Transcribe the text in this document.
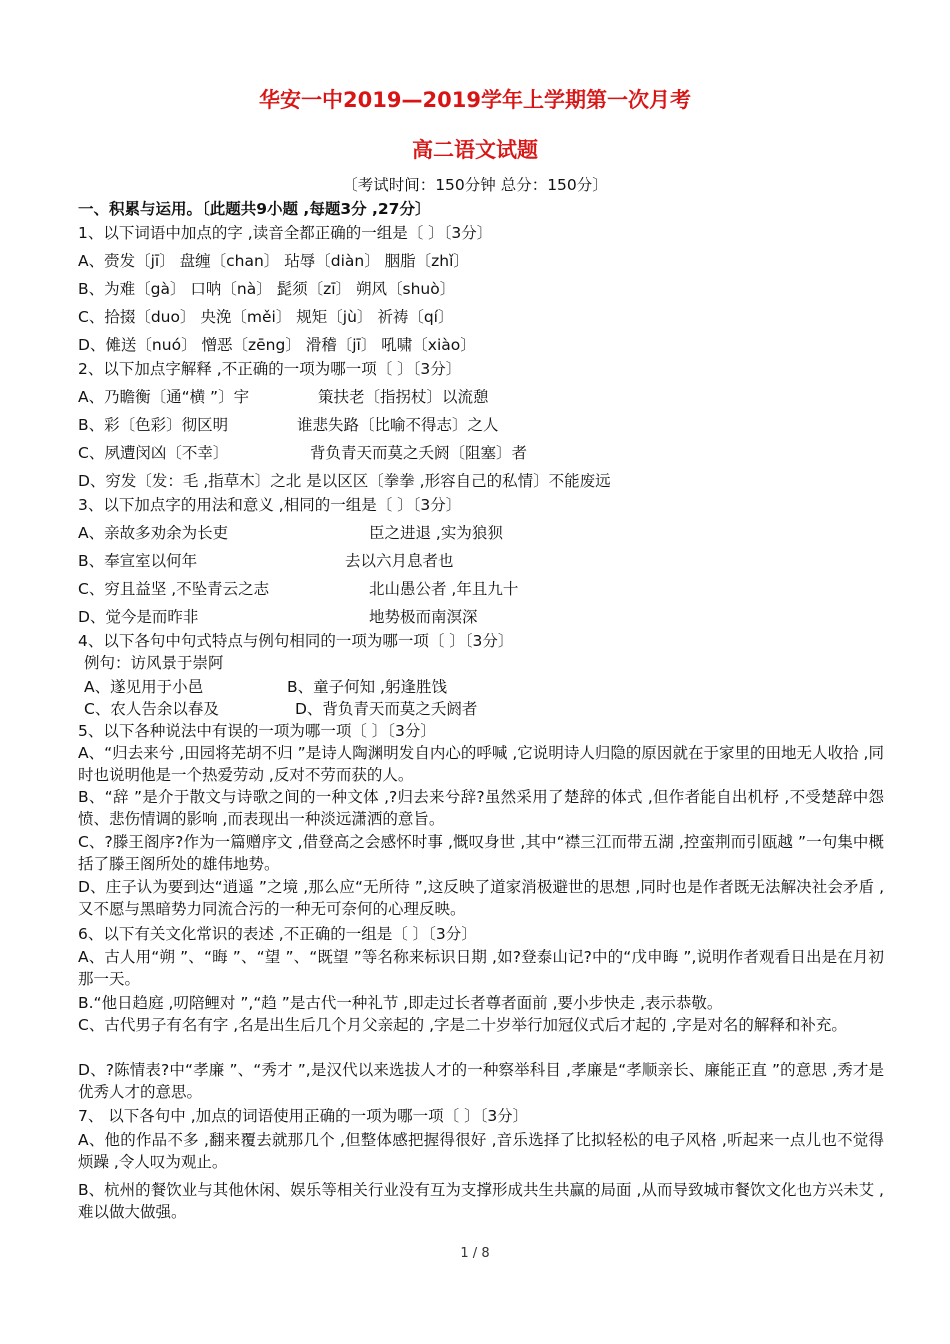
华安一中2019—2019学年上学期第一次月考
高二语文试题
〔考试时间：150分钟 总分：150分〕
一、积累与运用。〔此题共9小题 ,每题3分 ,27分〕
1、以下词语中加点的字 ,读音全都正确的一组是〔 〕〔3分〕
A、赍发〔jī〕 盘缠〔chan〕 玷辱〔diàn〕 胭脂〔zhǐ〕
B、为难〔gà〕 口呐〔nà〕 髭须〔zī〕 朔风〔shuò〕
C、拾掇〔duo〕 央浼〔měi〕 规矩〔jù〕 祈祷〔qí〕
D、傩送〔nuó〕 憎恶〔zēng〕 滑稽〔jī〕 吼啸〔xiào〕
2、以下加点字解释 ,不正确的一项为哪一项〔 〕〔3分〕
A、乃瞻衡〔通“横 ”〕宇	策扶老〔指拐杖〕以流憩
B、彩〔色彩〕彻区明	谁悲失路〔比喻不得志〕之人
C、夙遭闵凶〔不幸〕	背负青天而莫之夭阏〔阻塞〕者
D、穷发〔发：毛 ,指草木〕之北 是以区区〔拳拳 ,形容自己的私情〕不能废远
3、以下加点字的用法和意义 ,相同的一组是〔 〕〔3分〕
A、亲故多劝余为长吏	臣之进退 ,实为狼狈
B、奉宣室以何年	去以六月息者也
C、穷且益坚 ,不坠青云之志	北山愚公者 ,年且九十
D、觉今是而昨非	地势极而南溟深
4、以下各句中句式特点与例句相同的一项为哪一项〔 〕〔3分〕
例句：访风景于崇阿
A、遂见用于小邑	B、童子何知 ,躬逢胜饯
C、农人告余以春及	D、背负青天而莫之夭阏者
5、以下各种说法中有误的一项为哪一项〔 〕〔3分〕
A、“归去来兮 ,田园将芜胡不归 ”是诗人陶渊明发自内心的呼喊 ,它说明诗人归隐的原因就在于家里的田地无人收拾 ,同时也说明他是一个热爱劳动 ,反对不劳而获的人。
B、“辞 ”是介于散文与诗歌之间的一种文体 ,?归去来兮辞?虽然采用了楚辞的体式 ,但作者能自出机杼 ,不受楚辞中怨愤、悲伤情调的影响 ,而表现出一种淡远潇洒的意旨。
C、?滕王阁序?作为一篇赠序文 ,借登高之会感怀时事 ,慨叹身世 ,其中“襟三江而带五湖 ,控蛮荆而引瓯越 ”一句集中概括了滕王阁所处的雄伟地势。
D、庄子认为要到达“逍遥 ”之境 ,那么应“无所待 ”,这反映了道家消极避世的思想 ,同时也是作者既无法解决社会矛盾 ,又不愿与黑暗势力同流合污的一种无可奈何的心理反映。
6、以下有关文化常识的表述 ,不正确的一组是〔 〕〔3分〕
A、古人用“朔 ”、“晦 ”、“望 ”、“既望 ”等名称来标识日期 ,如?登泰山记?中的“戊申晦 ”,说明作者观看日出是在月初那一天。
B.“他日趋庭 ,叨陪鲤对 ”,“趋 ”是古代一种礼节 ,即走过长者尊者面前 ,要小步快走 ,表示恭敬。
C、古代男子有名有字 ,名是出生后几个月父亲起的 ,字是二十岁举行加冠仪式后才起的 ,字是对名的解释和补充。
D、?陈情表?中“孝廉 ”、“秀才 ”,是汉代以来选拔人才的一种察举科目 ,孝廉是“孝顺亲长、廉能正直 ”的意思 ,秀才是优秀人才的意思。
7、 以下各句中 ,加点的词语使用正确的一项为哪一项〔 〕〔3分〕
A、他的作品不多 ,翻来覆去就那几个 ,但整体感把握得很好 ,音乐选择了比拟轻松的电子风格 ,听起来一点儿也不觉得烦躁 ,令人叹为观止。
B、杭州的餐饮业与其他休闲、娱乐等相关行业没有互为支撑形成共生共赢的局面 ,从而导致城市餐饮文化也方兴未艾 ,难以做大做强。
1 / 8
